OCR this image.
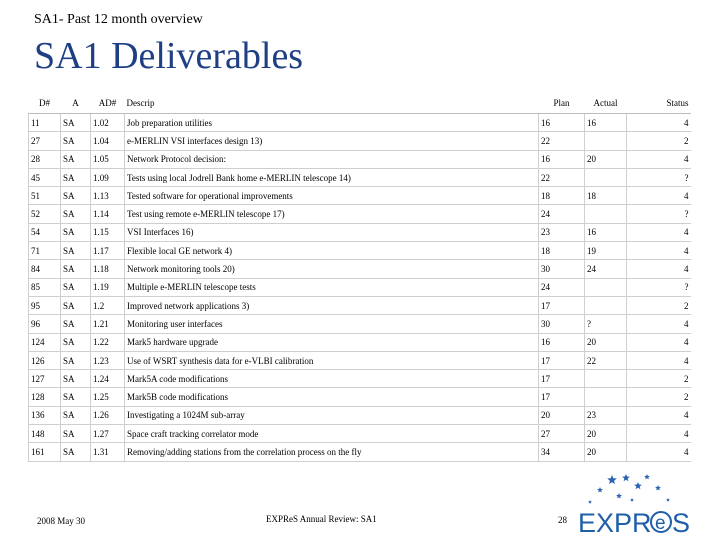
SA1- Past 12 month overview
SA1 Deliverables
D#	A	AD#	Descrip	Plan	Actual	Status
11	SA	1.02	Job preparation utilities	16	16	4
27	SA	1.04	e-MERLIN VSI interfaces design 13)	22		2
28	SA	1.05	Network Protocol decision:	16	20	4
45	SA	1.09	Tests using local Jodrell Bank home e-MERLIN telescope 14)	22		?
51	SA	1.13	Tested software for operational improvements	18	18	4
52	SA	1.14	Test using remote e-MERLIN telescope 17)	24		?
54	SA	1.15	VSI Interfaces 16)	23	16	4
71	SA	1.17	Flexible local GE network 4)	18	19	4
84	SA	1.18	Network monitoring tools 20)	30	24	4
85	SA	1.19	Multiple e-MERLIN telescope tests	24		?
95	SA	1.2	Improved network applications 3)	17		2
96	SA	1.21	Monitoring user interfaces	30	?	4
124	SA	1.22	Mark5 hardware upgrade	16	20	4
126	SA	1.23	Use of WSRT synthesis data for e-VLBI calibration	17	22	4
127	SA	1.24	Mark5A code modifications	17		2
128	SA	1.25	Mark5B code modifications	17		2
136	SA	1.26	Investigating a 1024M sub-array	20	23	4
148	SA	1.27	Space craft tracking correlator mode	27	20	4
161	SA	1.31	Removing/adding stations from the correlation process on the fly	34	20	4
2008 May 30	EXPReS Annual Review: SA1	28 EXPR e S
